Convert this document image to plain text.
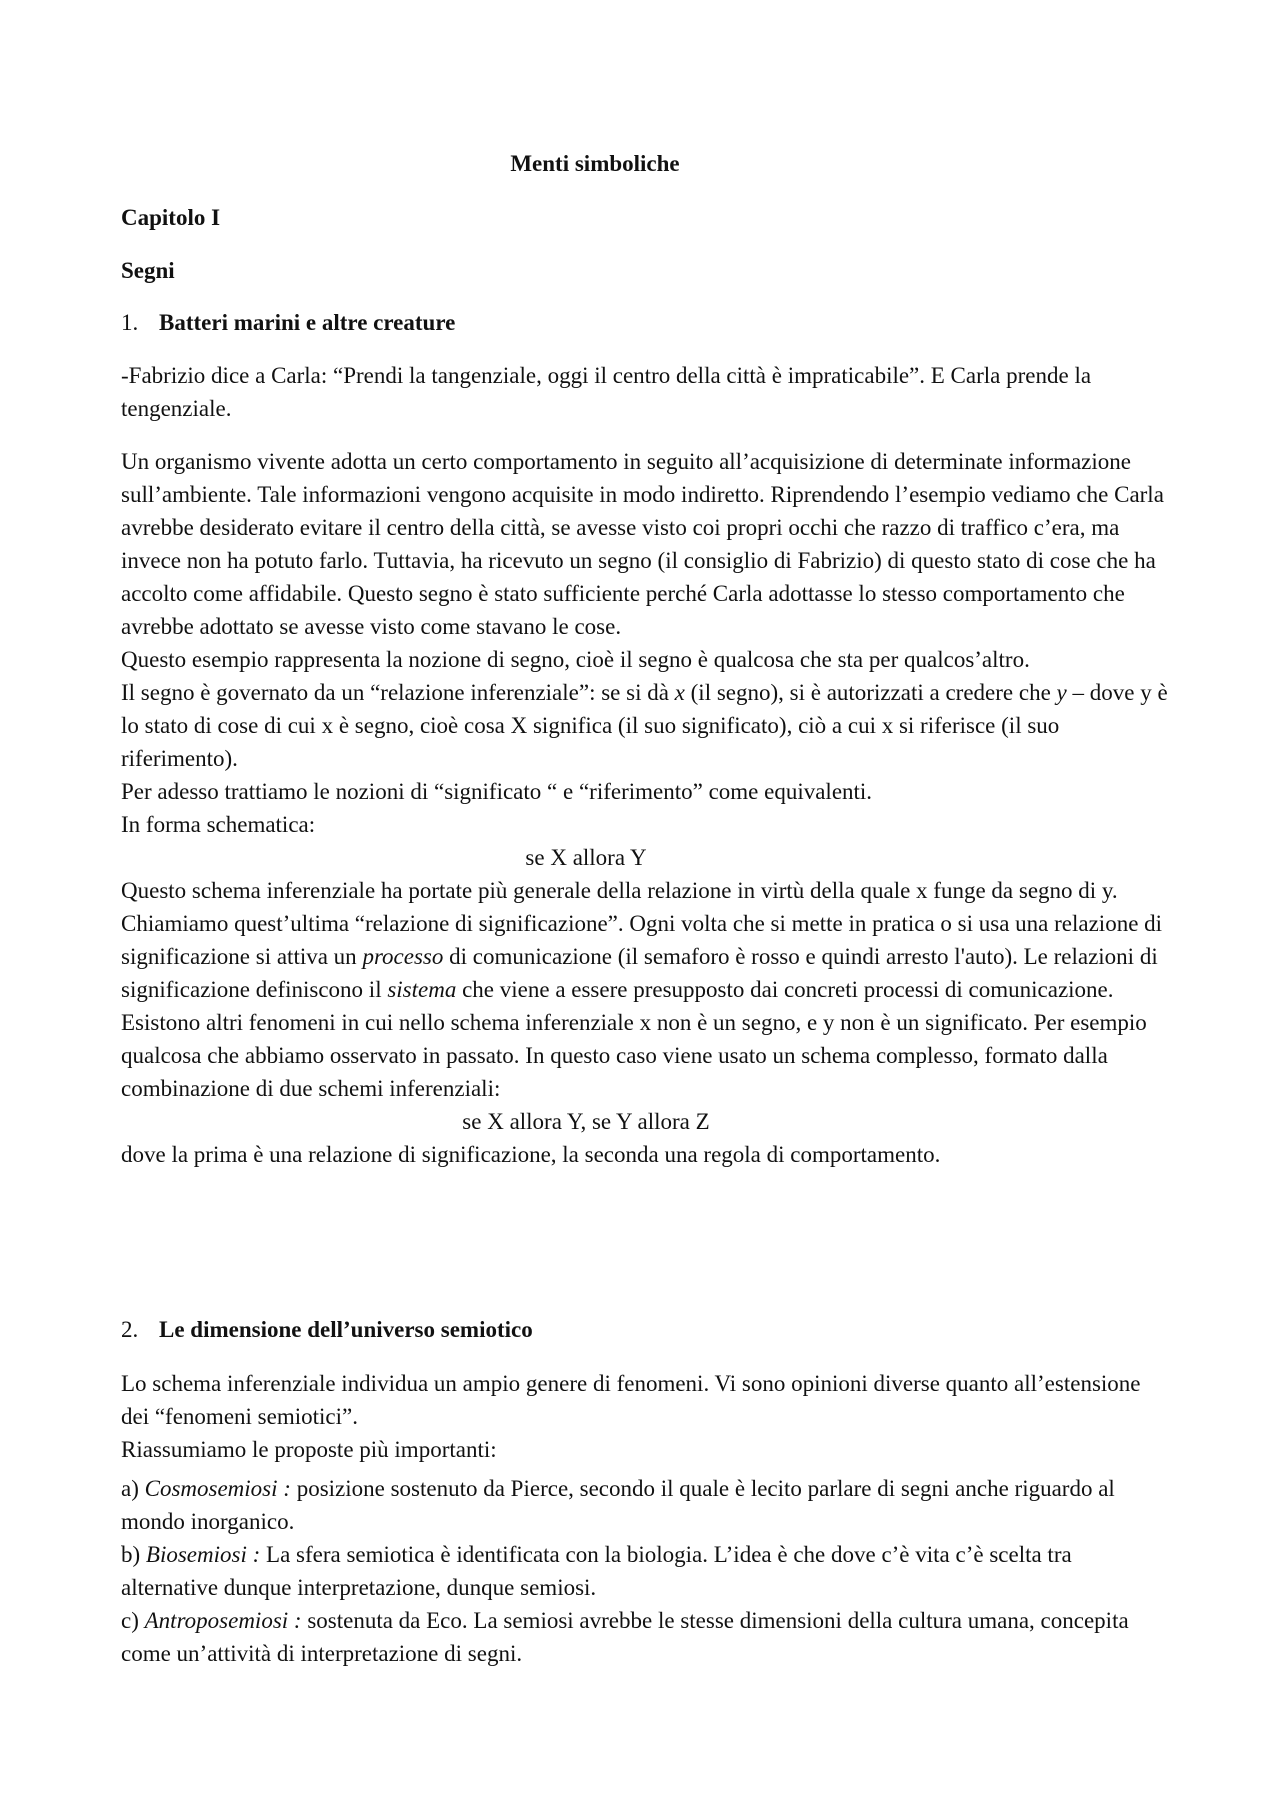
Menti simboliche
Capitolo I
Segni
1. Batteri marini e altre creature

-Fabrizio dice a Carla: “Prendi la tangenziale, oggi il centro della città è impraticabile”. E Carla prende la tengenziale.

Un organismo vivente adotta un certo comportamento in seguito all’acquisizione di determinate informazione sull’ambiente. Tale informazioni vengono acquisite in modo indiretto. Riprendendo l’esempio vediamo che Carla avrebbe desiderato evitare il centro della città, se avesse visto coi propri occhi che razzo di traffico c’era, ma invece non ha potuto farlo. Tuttavia, ha ricevuto un segno (il consiglio di Fabrizio) di questo stato di cose che ha accolto come affidabile. Questo segno è stato sufficiente perché Carla adottasse lo stesso comportamento che avrebbe adottato se avesse visto come stavano le cose.

Questo esempio rappresenta la nozione di segno, cioè il segno è qualcosa che sta per qualcos’altro.

Il segno è governato da un “relazione inferenziale”: se si dà x (il segno), si è autorizzati a credere che y – dove y è lo stato di cose di cui x è segno, cioè cosa X significa (il suo significato), ciò a cui x si riferisce (il suo riferimento).

Per adesso trattiamo le nozioni di “significato “ e “riferimento” come equivalenti.

In forma schematica:

se X allora Y

Questo schema inferenziale ha portate più generale della relazione in virtù della quale x funge da segno di y. Chiamiamo quest’ultima “relazione di significazione”. Ogni volta che si mette in pratica o si usa una relazione di significazione si attiva un processo di comunicazione (il semaforo è rosso e quindi arresto l'auto). Le relazioni di significazione definiscono il sistema che viene a essere presupposto dai concreti processi di comunicazione.

Esistono altri fenomeni in cui nello schema inferenziale x non è un segno, e y non è un significato. Per esempio qualcosa che abbiamo osservato in passato. In questo caso viene usato un schema complesso, formato dalla combinazione di due schemi inferenziali:

se X allora Y, se Y allora Z

dove la prima è una relazione di significazione, la seconda una regola di comportamento.

2. Le dimensione dell’universo semiotico

Lo schema inferenziale individua un ampio genere di fenomeni. Vi sono opinioni diverse quanto all’estensione dei “fenomeni semiotici”.

Riassumiamo le proposte più importanti:

a) Cosmosemiosi : posizione sostenuto da Pierce, secondo il quale è lecito parlare di segni anche riguardo al mondo inorganico.

b) Biosemiosi : La sfera semiotica è identificata con la biologia. L’idea è che dove c’è vita c’è scelta tra alternative dunque interpretazione, dunque semiosi.

c) Antroposemiosi : sostenuta da Eco. La semiosi avrebbe le stesse dimensioni della cultura umana, concepita come un’attività di interpretazione di segni.
